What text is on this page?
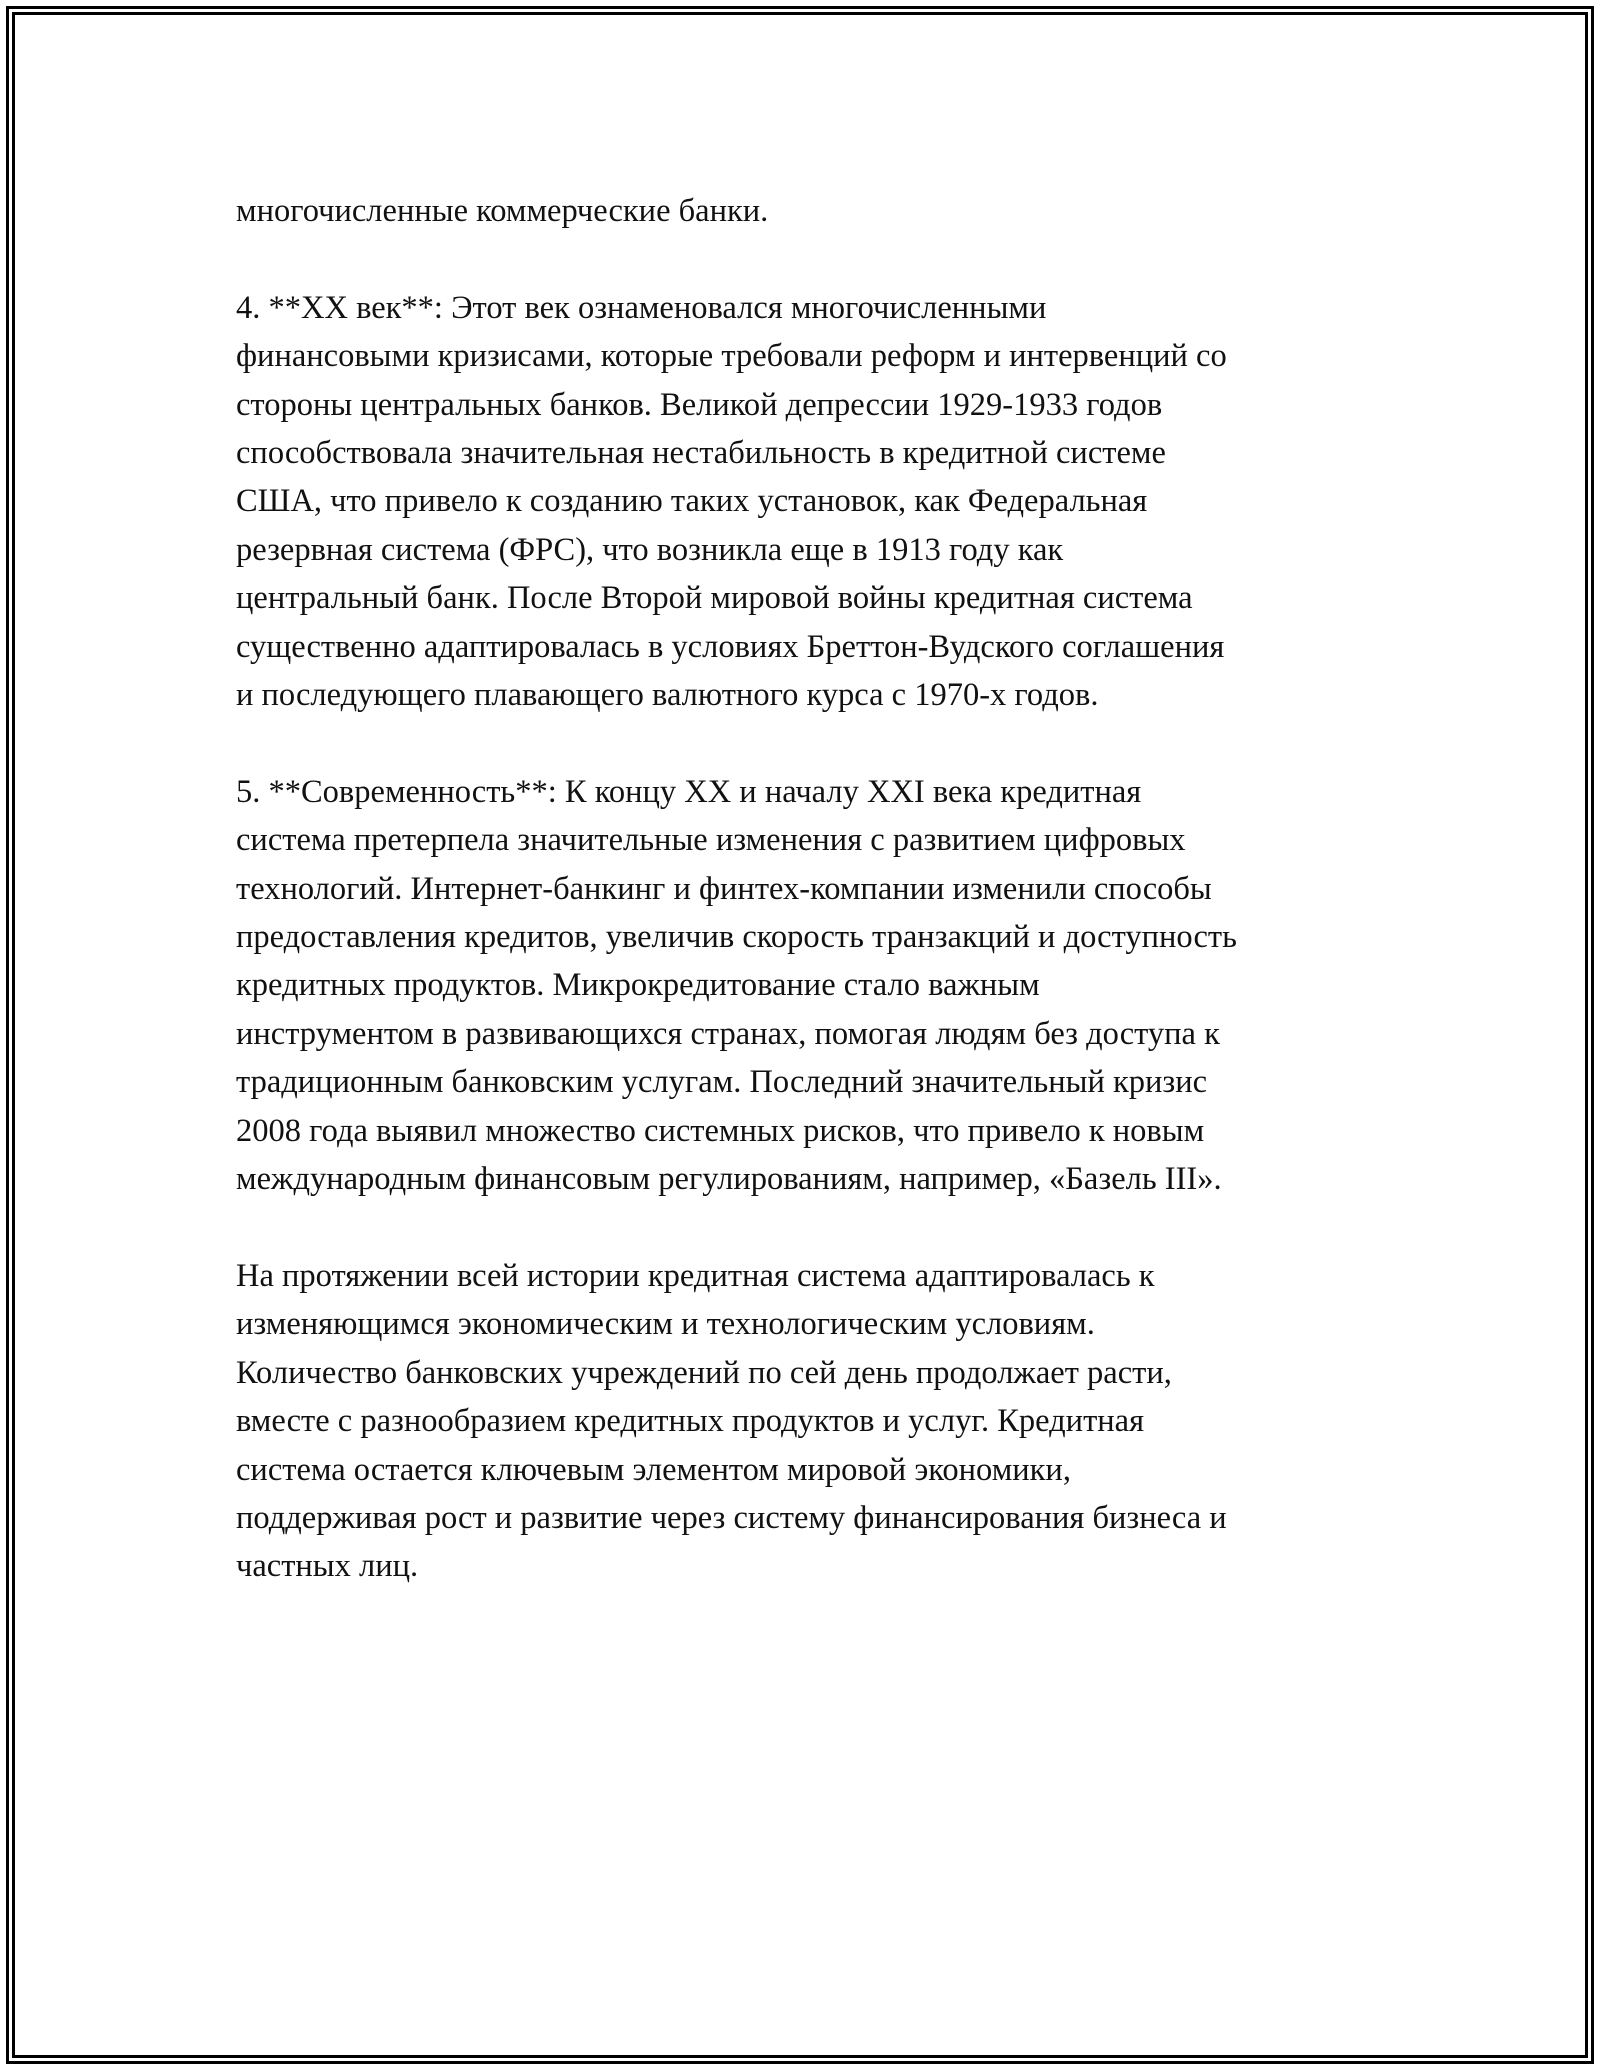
многочисленные коммерческие банки.
4. **XX век**: Этот век ознаменовался многочисленными
финансовыми кризисами, которые требовали реформ и интервенций со
стороны центральных банков. Великой депрессии 1929-1933 годов
способствовала значительная нестабильность в кредитной системе
США, что привело к созданию таких установок, как Федеральная
резервная система (ФРС), что возникла еще в 1913 году как
центральный банк. После Второй мировой войны кредитная система
существенно адаптировалась в условиях Бреттон-Вудского соглашения
и последующего плавающего валютного курса с 1970-х годов.
5. **Современность**: К концу XX и началу XXI века кредитная
система претерпела значительные изменения с развитием цифровых
технологий. Интернет-банкинг и финтех-компании изменили способы
предоставления кредитов, увеличив скорость транзакций и доступность
кредитных продуктов. Микрокредитование стало важным
инструментом в развивающихся странах, помогая людям без доступа к
традиционным банковским услугам. Последний значительный кризис
2008 года выявил множество системных рисков, что привело к новым
международным финансовым регулированиям, например, «Базель III».
На протяжении всей истории кредитная система адаптировалась к
изменяющимся экономическим и технологическим условиям.
Количество банковских учреждений по сей день продолжает расти,
вместе с разнообразием кредитных продуктов и услуг. Кредитная
система остается ключевым элементом мировой экономики,
поддерживая рост и развитие через систему финансирования бизнеса и
частных лиц.
